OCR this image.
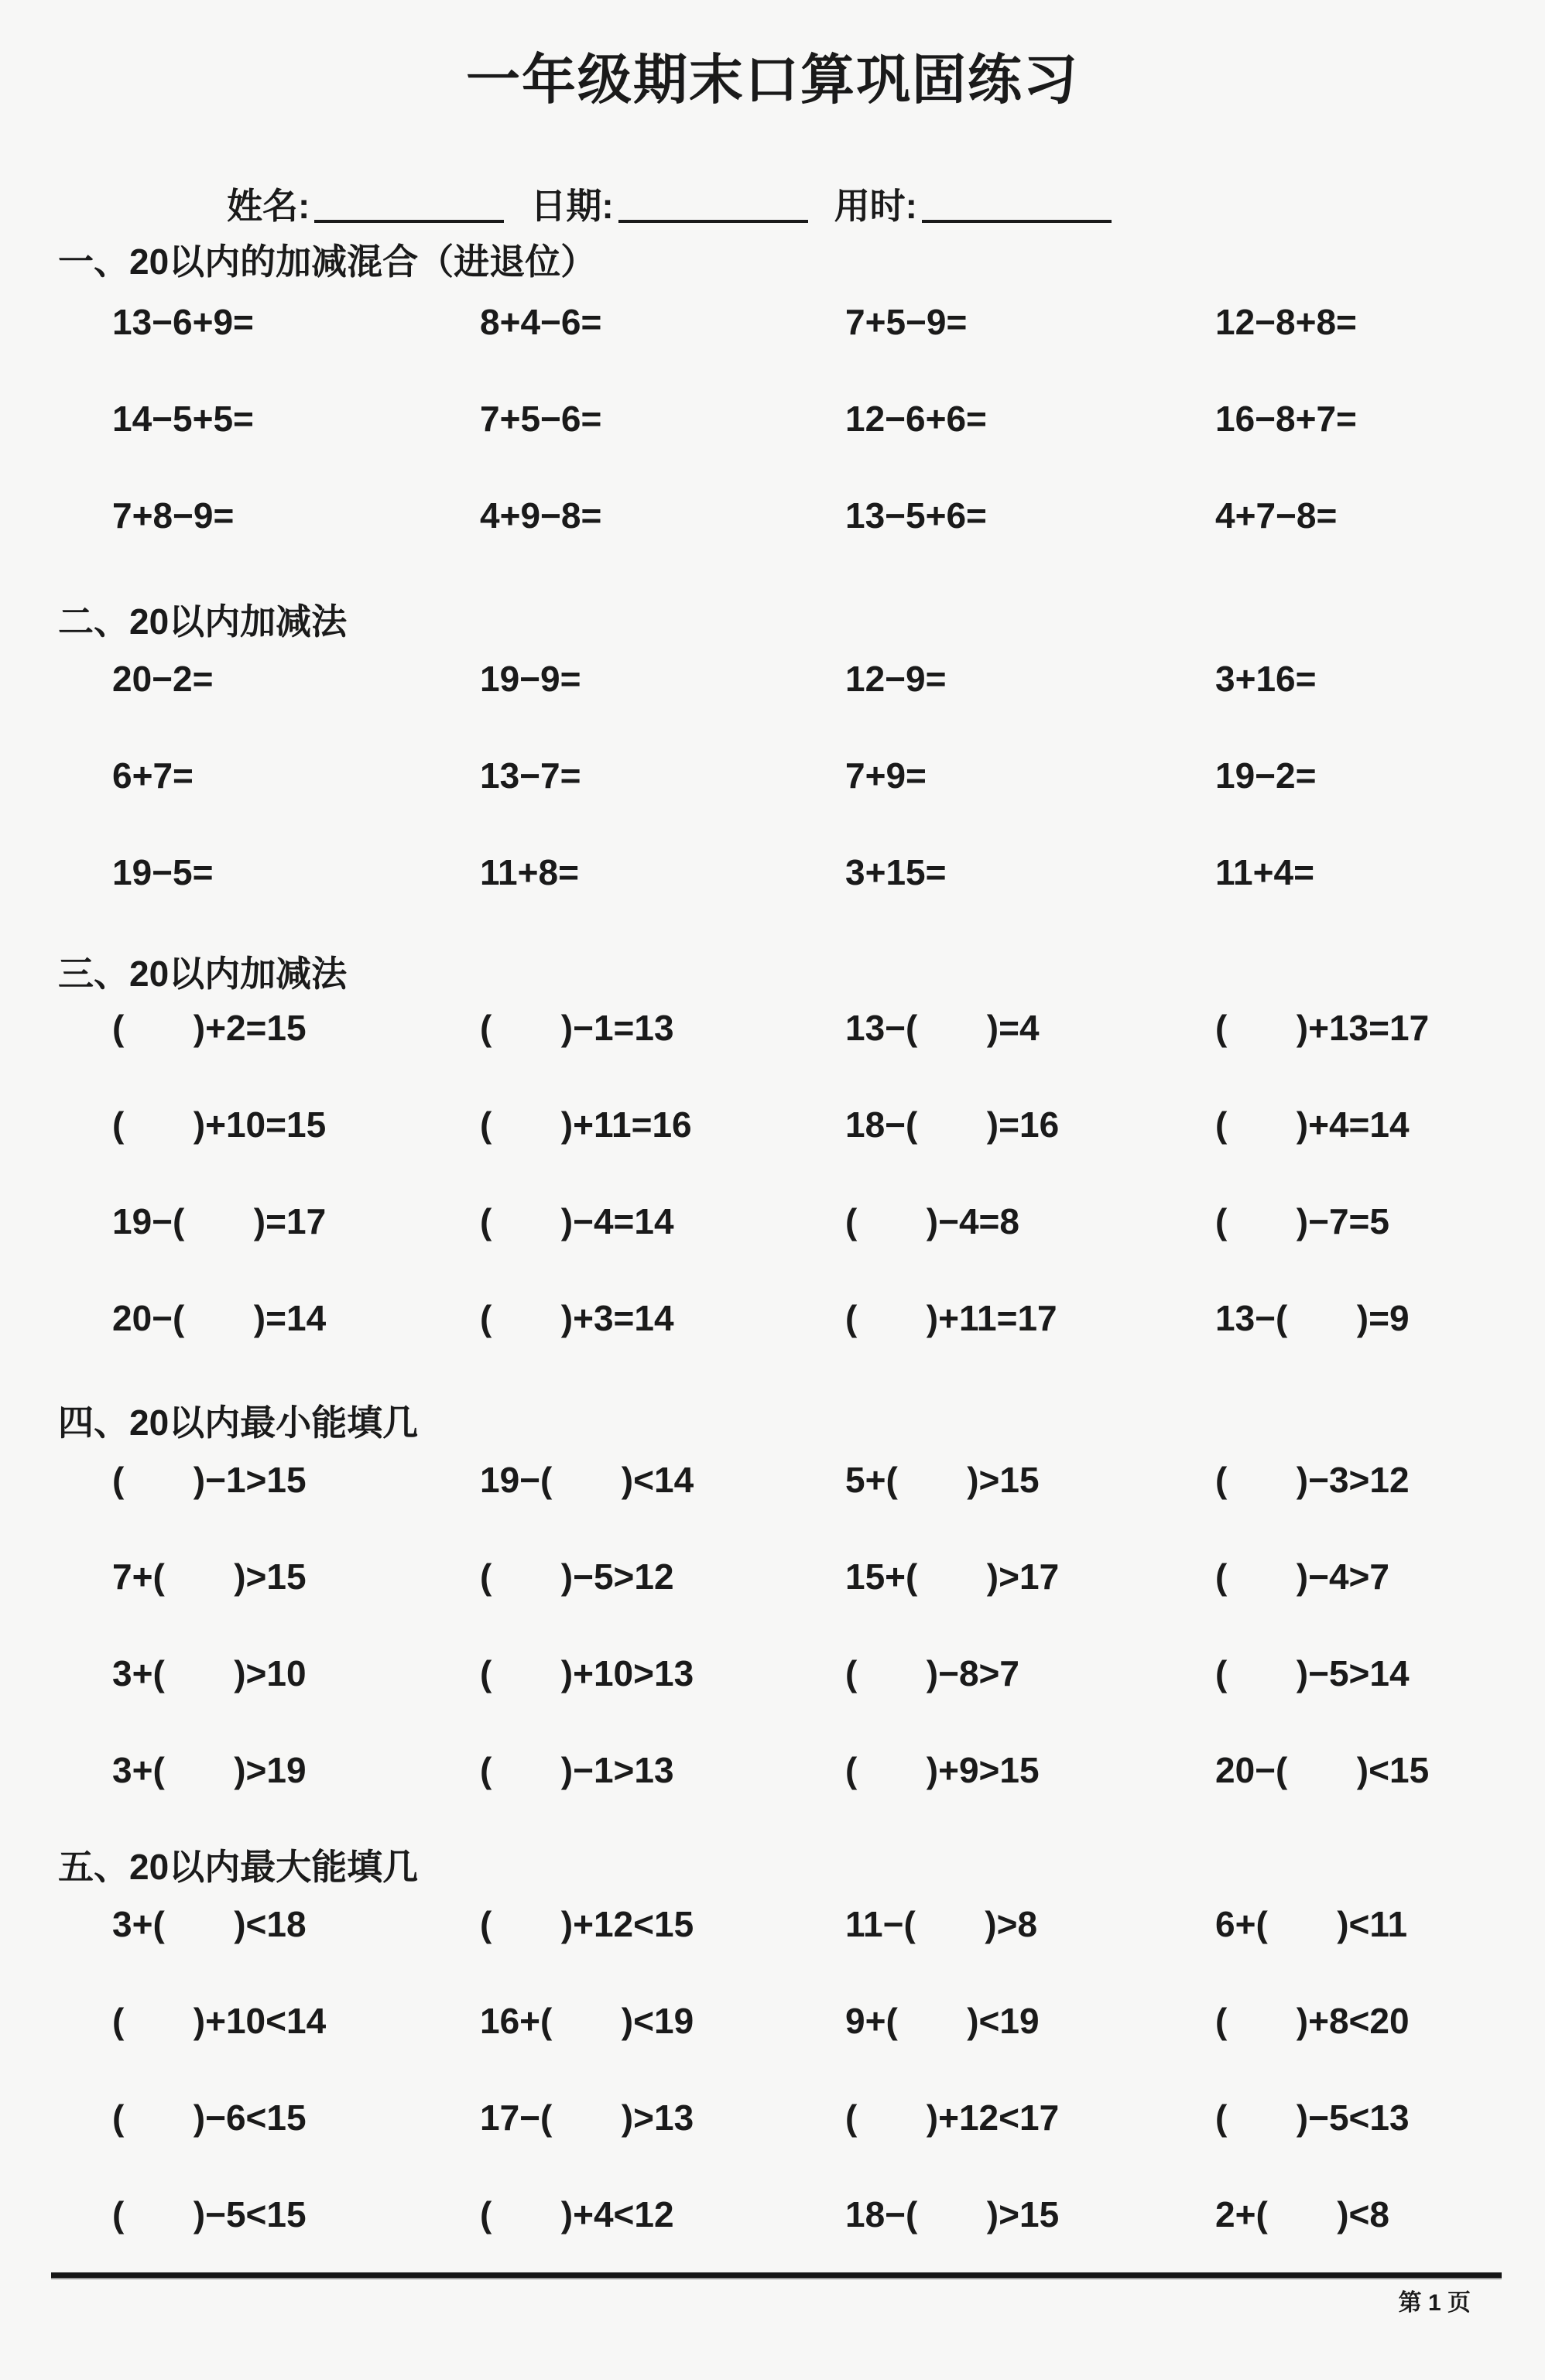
一年级期末口算巩固练习
姓名:	日期:	用时:
一、20以内的加减混合（进退位）
13−6+9=	8+4−6=	7+5−9=	12−8+8=
14−5+5=	7+5−6=	12−6+6=	16−8+7=
7+8−9=	4+9−8=	13−5+6=	4+7−8=
二、20以内加减法
20−2=	19−9=	12−9=	3+16=
6+7=	13−7=	7+9=	19−2=
19−5=	11+8=	3+15=	11+4=
三、20以内加减法
(       )+2=15	(       )−1=13	13−(       )=4	(       )+13=17
(       )+10=15	(       )+11=16	18−(       )=16	(       )+4=14
19−(       )=17	(       )−4=14	(       )−4=8	(       )−7=5
20−(       )=14	(       )+3=14	(       )+11=17	13−(       )=9
四、20以内最小能填几
(       )−1>15	19−(       )<14	5+(       )>15	(       )−3>12
7+(       )>15	(       )−5>12	15+(       )>17	(       )−4>7
3+(       )>10	(       )+10>13	(       )−8>7	(       )−5>14
3+(       )>19	(       )−1>13	(       )+9>15	20−(       )<15
五、20以内最大能填几
3+(       )<18	(       )+12<15	11−(       )>8	6+(       )<11
(       )+10<14	16+(       )<19	9+(       )<19	(       )+8<20
(       )−6<15	17−(       )>13	(       )+12<17	(       )−5<13
(       )−5<15	(       )+4<12	18−(       )>15	2+(       )<8
第 1 页
